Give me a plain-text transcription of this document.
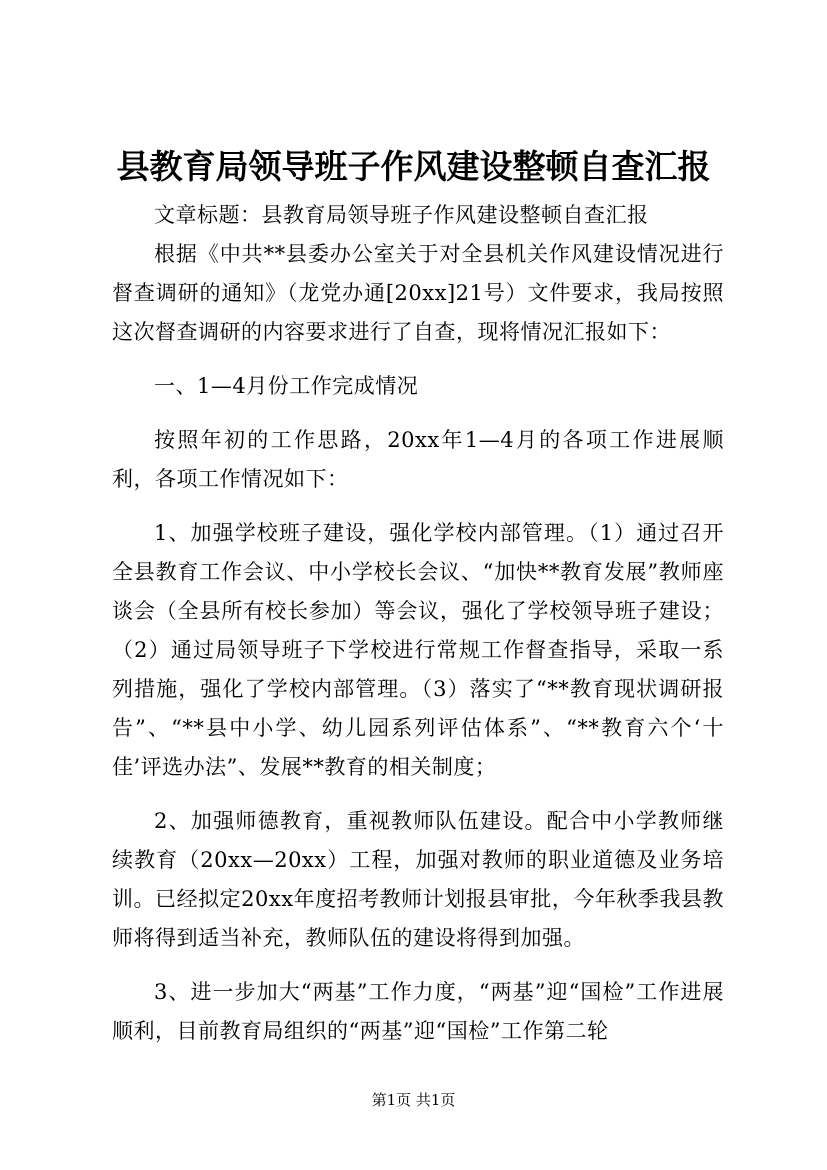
县教育局领导班子作风建设整顿自查汇报

文章标题：县教育局领导班子作风建设整顿自查汇报

根据《中共**县委办公室关于对全县机关作风建设情况进行督查调研的通知》（龙党办通[20xx]21号）文件要求，我局按照这次督查调研的内容要求进行了自查，现将情况汇报如下：

一、1—4月份工作完成情况

按照年初的工作思路，20xx年1—4月的各项工作进展顺利，各项工作情况如下：

1、加强学校班子建设，强化学校内部管理。（1）通过召开全县教育工作会议、中小学校长会议、“加快**教育发展”教师座谈会（全县所有校长参加）等会议，强化了学校领导班子建设；（2）通过局领导班子下学校进行常规工作督查指导，采取一系列措施，强化了学校内部管理。（3）落实了“**教育现状调研报告”、“**县中小学、幼儿园系列评估体系”、“**教育六个‘十佳’评选办法”、发展**教育的相关制度；

2、加强师德教育，重视教师队伍建设。配合中小学教师继续教育（20xx—20xx）工程，加强对教师的职业道德及业务培训。已经拟定20xx年度招考教师计划报县审批，今年秋季我县教师将得到适当补充，教师队伍的建设将得到加强。

3、进一步加大“两基”工作力度，“两基”迎“国检”工作进展顺利，目前教育局组织的“两基”迎“国检”工作第二轮

第1页 共1页
